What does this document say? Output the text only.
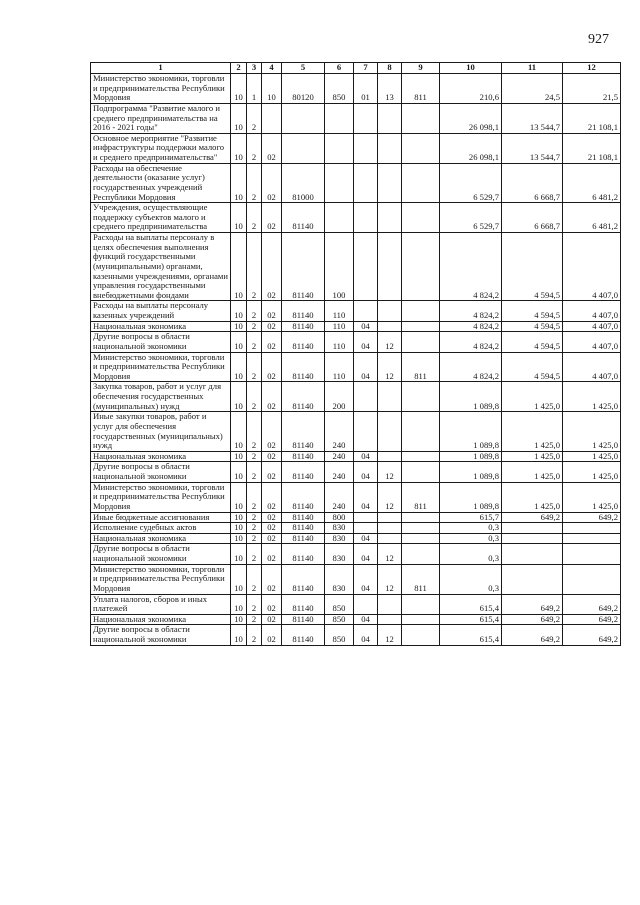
927
1	2	3	4	5	6	7	8	9	10	11	12
Министерство экономики, торговли и предпринимательства Республики Мордовия	10	1	10	80120	850	01	13	811	210,6	24,5	21,5
Подпрограмма "Развитие малого и среднего предпринимательства на 2016 - 2021 годы"	10	2							26 098,1	13 544,7	21 108,1
Основное мероприятие "Развитие инфраструктуры поддержки малого и среднего предпринимательства"	10	2	02						26 098,1	13 544,7	21 108,1
Расходы на обеспечение деятельности (оказание услуг) государственных учреждений Республики Мордовия	10	2	02	81000					6 529,7	6 668,7	6 481,2
Учреждения, осуществляющие поддержку субъектов малого и среднего предпринимательства	10	2	02	81140					6 529,7	6 668,7	6 481,2
Расходы на выплаты персоналу в целях обеспечения выполнения функций государственными (муниципальными) органами, казенными учреждениями, органами управления государственными внебюджетными фондами	10	2	02	81140	100				4 824,2	4 594,5	4 407,0
Расходы на выплаты персоналу казенных учреждений	10	2	02	81140	110				4 824,2	4 594,5	4 407,0
Национальная экономика	10	2	02	81140	110	04			4 824,2	4 594,5	4 407,0
Другие вопросы в области национальной экономики	10	2	02	81140	110	04	12		4 824,2	4 594,5	4 407,0
Министерство экономики, торговли и предпринимательства Республики Мордовия	10	2	02	81140	110	04	12	811	4 824,2	4 594,5	4 407,0
Закупка товаров, работ и услуг для обеспечения государственных (муниципальных) нужд	10	2	02	81140	200				1 089,8	1 425,0	1 425,0
Иные закупки товаров, работ и услуг для обеспечения государственных (муниципальных) нужд	10	2	02	81140	240				1 089,8	1 425,0	1 425,0
Национальная экономика	10	2	02	81140	240	04			1 089,8	1 425,0	1 425,0
Другие вопросы в области национальной экономики	10	2	02	81140	240	04	12		1 089,8	1 425,0	1 425,0
Министерство экономики, торговли и предпринимательства Республики Мордовия	10	2	02	81140	240	04	12	811	1 089,8	1 425,0	1 425,0
Иные бюджетные ассигнования	10	2	02	81140	800				615,7	649,2	649,2
Исполнение судебных актов	10	2	02	81140	830				0,3		
Национальная экономика	10	2	02	81140	830	04			0,3		
Другие вопросы в области национальной экономики	10	2	02	81140	830	04	12		0,3		
Министерство экономики, торговли и предпринимательства Республики Мордовия	10	2	02	81140	830	04	12	811	0,3		
Уплата налогов, сборов и иных платежей	10	2	02	81140	850				615,4	649,2	649,2
Национальная экономика	10	2	02	81140	850	04			615,4	649,2	649,2
Другие вопросы в области национальной экономики	10	2	02	81140	850	04	12		615,4	649,2	649,2
